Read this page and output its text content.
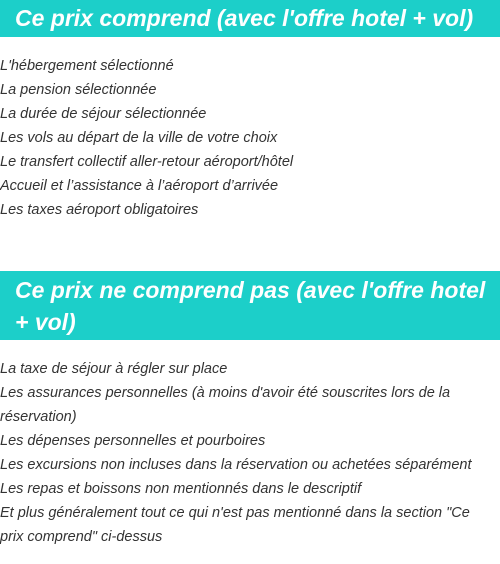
Ce prix comprend (avec l'offre hotel + vol)
L'hébergement sélectionné
La pension sélectionnée
La durée de séjour sélectionnée
Les vols au départ de la ville de votre choix
Le transfert collectif aller-retour aéroport/hôtel
Accueil et l’assistance à l’aéroport d’arrivée
Les taxes aéroport obligatoires
Ce prix ne comprend pas (avec l'offre hotel + vol)
La taxe de séjour à régler sur place
Les assurances personnelles (à moins d'avoir été souscrites lors de la réservation)
Les dépenses personnelles et pourboires
Les excursions non incluses dans la réservation ou achetées séparément
Les repas et boissons non mentionnés dans le descriptif
Et plus généralement tout ce qui n'est pas mentionné dans la section "Ce prix comprend" ci-dessus
